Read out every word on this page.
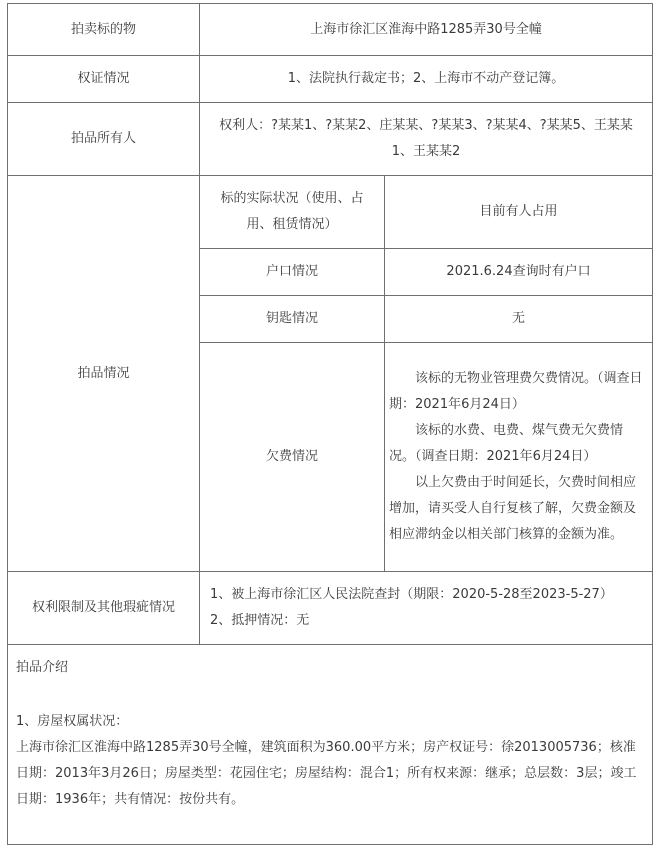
拍卖标的物	上海市徐汇区淮海中路1285弄30号全幢	
权证情况	1、法院执行裁定书；2、上海市不动产登记簿。	
拍品所有人	权利人：?某某1、?某某2、庄某某、?某某3、?某某4、?某某5、王某某1、王某某2	
拍品情况	标的实际状况（使用、占用、租赁情况）	目前有人占用
	户口情况	2021.6.24查询时有户口
	钥匙情况	无
	欠费情况	该标的无物业管理费欠费情况。（调查日期：2021年6月24日）
该标的水费、电费、煤气费无欠费情况。（调查日期：2021年6月24日）
以上欠费由于时间延长，欠费时间相应增加，请买受人自行复核了解，欠费金额及相应滞纳金以相关部门核算的金额为准。

权利限制及其他瑕疵情况	1、被上海市徐汇区人民法院查封（期限：2020-5-28至2023-5-27）
2、抵押情况：无	

拍品介绍
1、房屋权属状况：
上海市徐汇区淮海中路1285弄30号全幢，建筑面积为360.00平方米；房产权证号：徐2013005736；核准日期：2013年3月26日；房屋类型：花园住宅；房屋结构：混合1；所有权来源：继承；总层数：3层；竣工日期：1936年；共有情况：按份共有。		
